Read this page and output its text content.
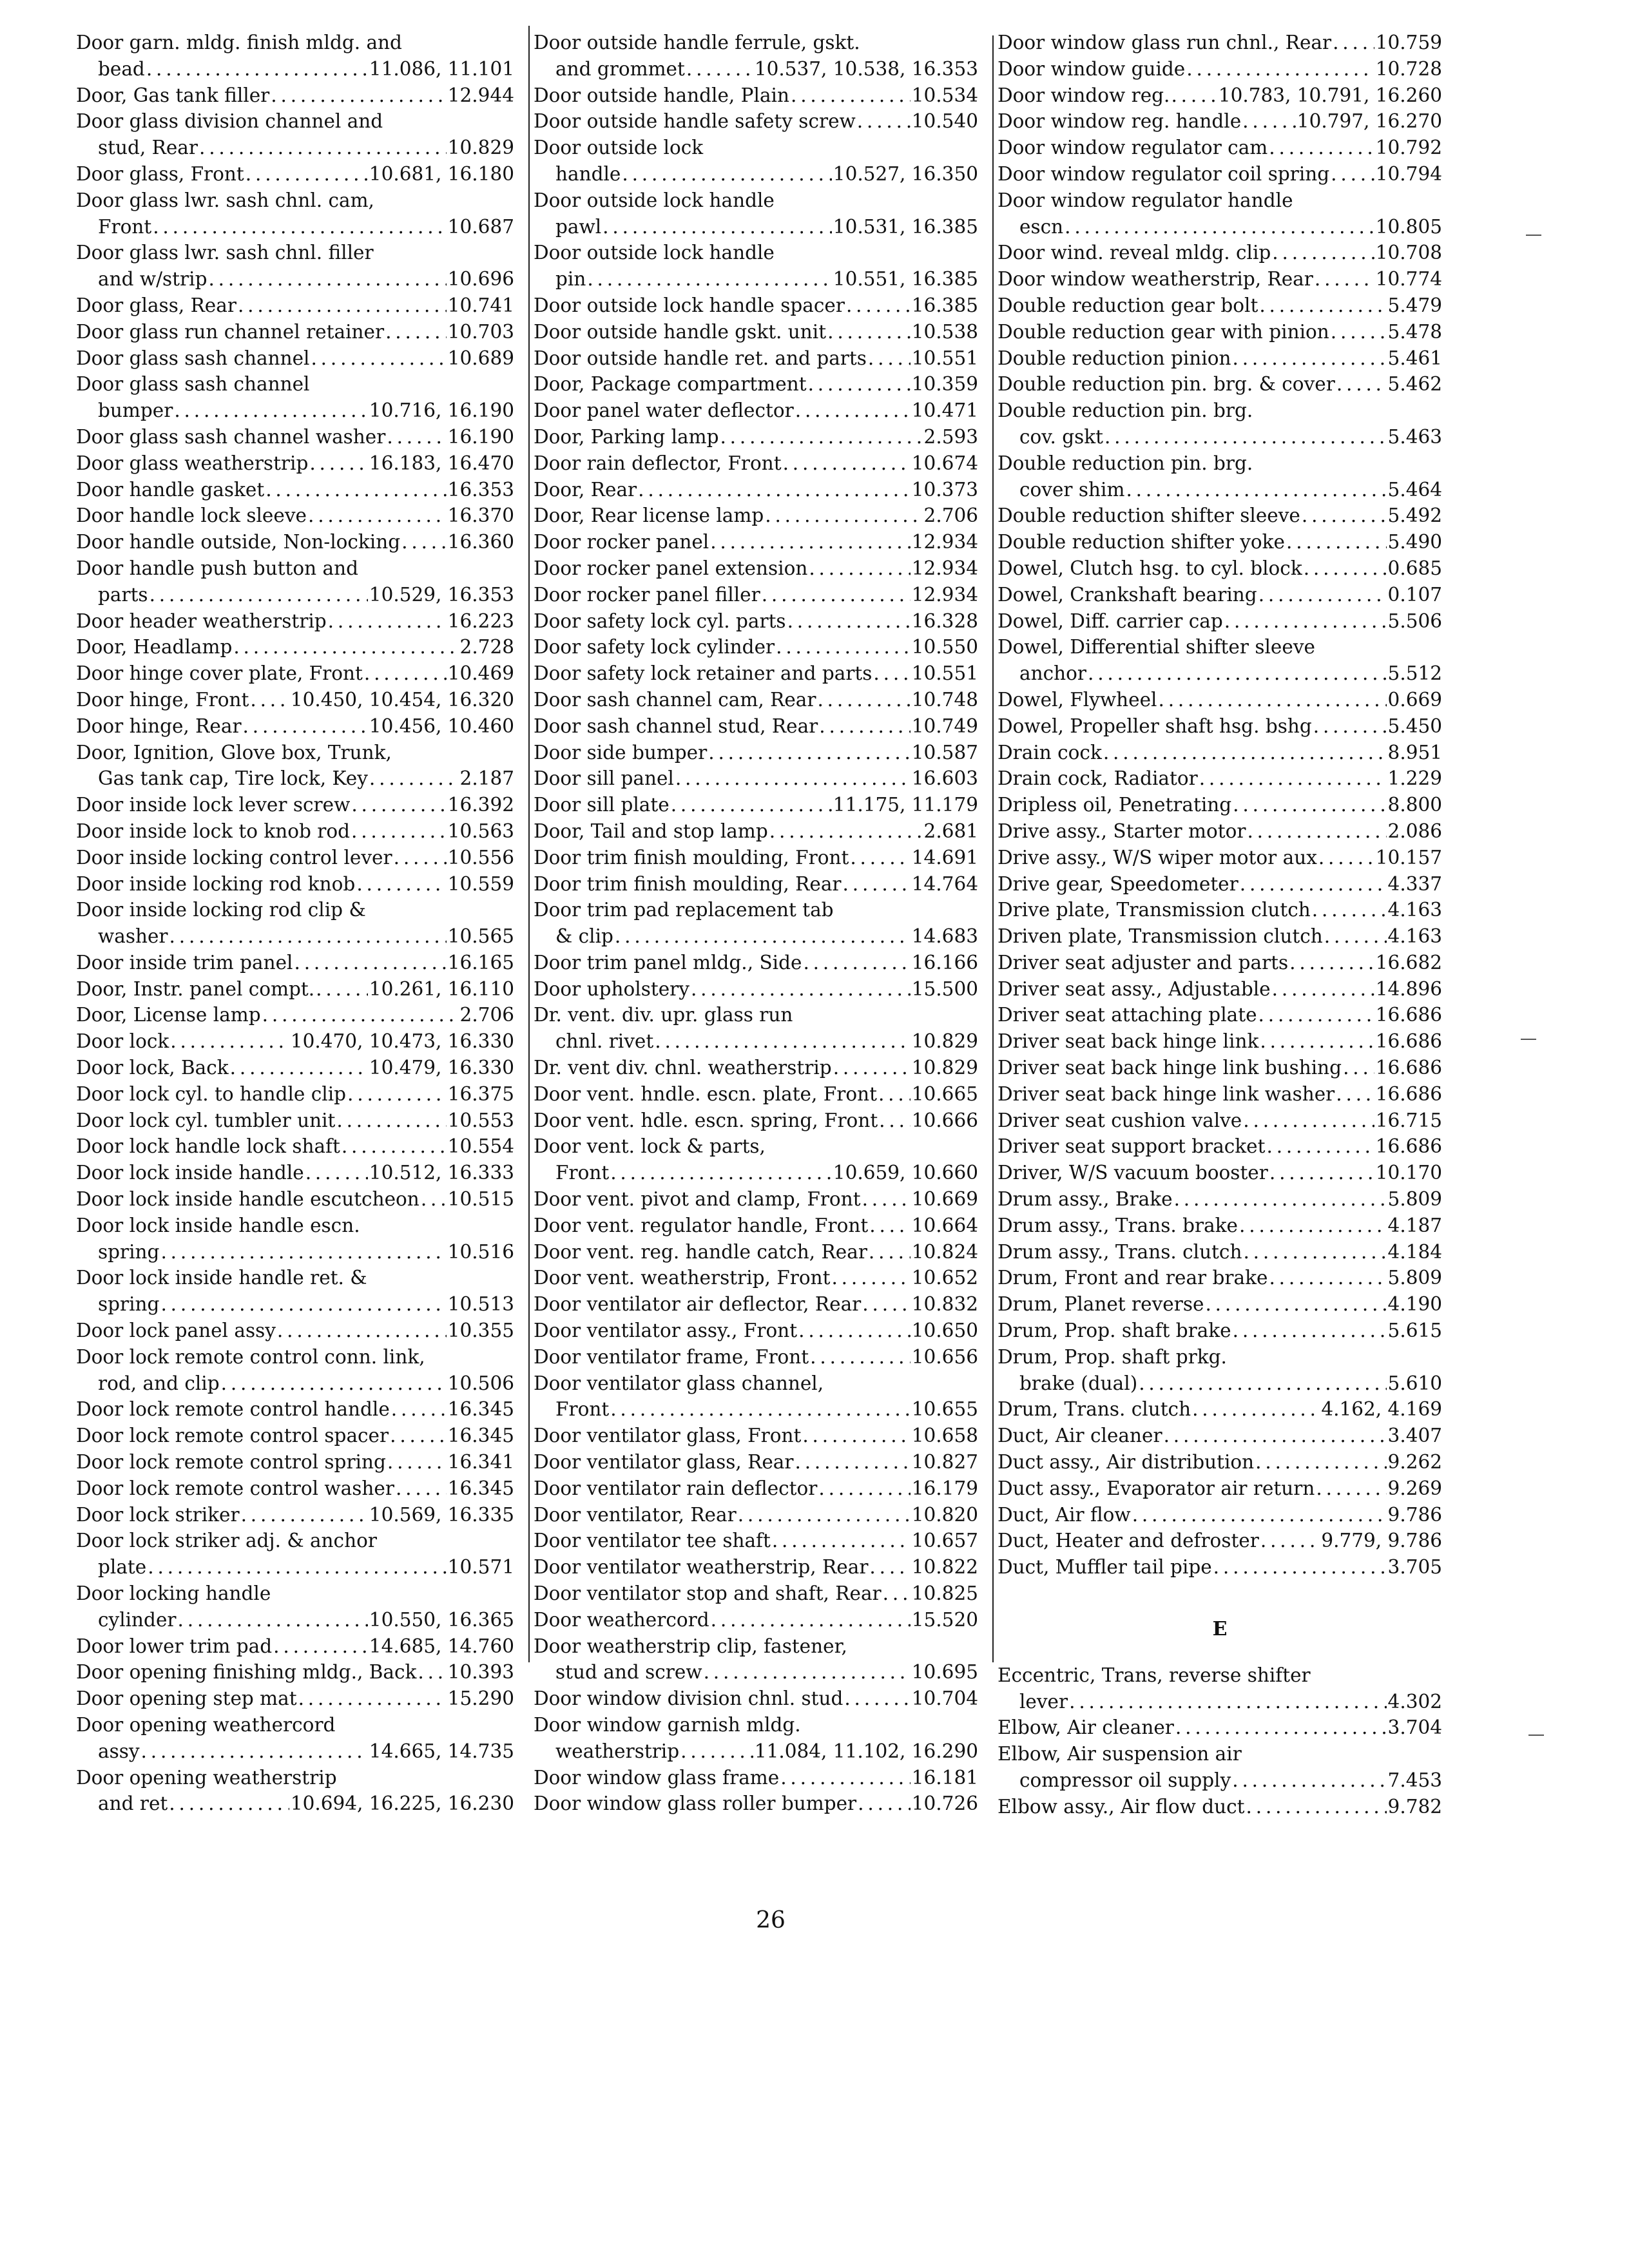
Door garn. mldg. finish mldg. and
bead . . .	11.086, 11.101
Door, Gas tank filler . . .	12.944
Door glass division channel and
stud, Rear . . .	10.829
Door glass, Front . . .	10.681, 16.180
Door glass lwr. sash chnl. cam,
Front . . .	10.687
Door glass lwr. sash chnl. filler
and w/strip . . .	10.696
Door glass, Rear . . .	10.741
Door glass run channel retainer . . .	10.703
Door glass sash channel . . .	10.689
Door glass sash channel
bumper . . .	10.716, 16.190
Door glass sash channel washer . . .	16.190
Door glass weatherstrip . . .	16.183, 16.470
Door handle gasket . . .	16.353
Door handle lock sleeve . . .	16.370
Door handle outside, Non-locking . . . 16.360
Door handle push button and
parts . . .	10.529, 16.353
Door header weatherstrip . . .	16.223
Door, Headlamp . . .	2.728
Door hinge cover plate, Front . . .	10.469
Door hinge, Front . . . 10.450, 10.454, 16.320
Door hinge, Rear . . .	10.456, 10.460
Door, Ignition, Glove box, Trunk,
Gas tank cap, Tire lock, Key . . .	2.187
Door inside lock lever screw . . .	16.392
Door inside lock to knob rod . . .	10.563
Door inside locking control lever . . .	10.556
Door inside locking rod knob . . .	10.559
Door inside locking rod clip &
washer . . .	10.565
Door inside trim panel . . .	16.165
Door, Instr. panel compt. . . .	10.261, 16.110
Door, License lamp . . .	2.706
Door lock . . .	10.470, 10.473, 16.330
Door lock, Back . . .	10.479, 16.330
Door lock cyl. to handle clip . . .	16.375
Door lock cyl. tumbler unit . . .	10.553
Door lock handle lock shaft . . .	10.554
Door lock inside handle . . .	10.512, 16.333
Door lock inside handle escutcheon . . . 10.515
Door lock inside handle escn.
spring . . .	10.516
Door lock inside handle ret. &
spring . . .	10.513
Door lock panel assy . . .	10.355
Door lock remote control conn. link,
rod, and clip . . .	10.506
Door lock remote control handle . . .	16.345
Door lock remote control spacer . . .	16.345
Door lock remote control spring . . .	16.341
Door lock remote control washer . . .	16.345
Door lock striker . . .	10.569, 16.335
Door lock striker adj. & anchor
plate . . .	10.571
Door locking handle
cylinder . . .	10.550, 16.365
Door lower trim pad . . .	14.685, 14.760
Door opening finishing mldg., Back . . . 10.393
Door opening step mat . . .	15.290
Door opening weathercord
assy . . .	14.665, 14.735
Door opening weatherstrip
and ret . . .	10.694, 16.225, 16.230
Door outside handle ferrule, gskt.
and grommet . . .	10.537, 10.538, 16.353
Door outside handle, Plain . . .	10.534
Door outside handle safety screw . . .	10.540
Door outside lock
handle . . .	10.527, 16.350
Door outside lock handle
pawl . . .	10.531, 16.385
Door outside lock handle
pin . . .	10.551, 16.385
Door outside lock handle spacer . . .	16.385
Door outside handle gskt. unit . . .	10.538
Door outside handle ret. and parts . . . 10.551
Door, Package compartment . . .	10.359
Door panel water deflector . . .	10.471
Door, Parking lamp . . .	2.593
Door rain deflector, Front . . .	10.674
Door, Rear . . .	10.373
Door, Rear license lamp . . .	2.706
Door rocker panel . . .	12.934
Door rocker panel extension . . .	12.934
Door rocker panel filler . . .	12.934
Door safety lock cyl. parts . . .	16.328
Door safety lock cylinder . . .	10.550
Door safety lock retainer and parts . . . 10.551
Door sash channel cam, Rear . . .	10.748
Door sash channel stud, Rear . . .	10.749
Door side bumper . . .	10.587
Door sill panel . . .	16.603
Door sill plate . . .	11.175, 11.179
Door, Tail and stop lamp . . .	2.681
Door trim finish moulding, Front . . .	14.691
Door trim finish moulding, Rear . . .	14.764
Door trim pad replacement tab
& clip . . .	14.683
Door trim panel mldg., Side . . .	16.166
Door upholstery . . .	15.500
Dr. vent. div. upr. glass run
chnl. rivet . . .	10.829
Dr. vent div. chnl. weatherstrip . . .	10.829
Door vent. hndle. escn. plate, Front . . . 10.665
Door vent. hdle. escn. spring, Front . . . 10.666
Door vent. lock & parts,
Front . . .	10.659, 10.660
Door vent. pivot and clamp, Front . . .	10.669
Door vent. regulator handle, Front . . . 10.664
Door vent. reg. handle catch, Rear . . . 10.824
Door vent. weatherstrip, Front . . .	10.652
Door ventilator air deflector, Rear . . .	10.832
Door ventilator assy., Front . . .	10.650
Door ventilator frame, Front . . .	10.656
Door ventilator glass channel,
Front . . .	10.655
Door ventilator glass, Front . . .	10.658
Door ventilator glass, Rear . . .	10.827
Door ventilator rain deflector . . .	16.179
Door ventilator, Rear . . .	10.820
Door ventilator tee shaft . . .	10.657
Door ventilator weatherstrip, Rear . . . 10.822
Door ventilator stop and shaft, Rear . . . 10.825
Door weathercord . . .	15.520
Door weatherstrip clip, fastener,
stud and screw . . .	10.695
Door window division chnl. stud . . .	10.704
Door window garnish mldg.
weatherstrip . . .	11.084, 11.102, 16.290
Door window glass frame . . .	16.181
Door window glass roller bumper . . .	10.726
Door window glass run chnl., Rear . . . 10.759
Door window guide . . .	10.728
Door window reg. . . .	10.783, 10.791, 16.260
Door window reg. handle . . .	10.797, 16.270
Door window regulator cam . . .	10.792
Door window regulator coil spring . . . 10.794
Door window regulator handle
escn . . .	10.805
Door wind. reveal mldg. clip . . .	10.708
Door window weatherstrip, Rear . . .	10.774
Double reduction gear bolt . . .	5.479
Double reduction gear with pinion . . .	5.478
Double reduction pinion . . .	5.461
Double reduction pin. brg. & cover . . .	5.462
Double reduction pin. brg.
cov. gskt . . .	5.463
Double reduction pin. brg.
cover shim . . .	5.464
Double reduction shifter sleeve . . .	5.492
Double reduction shifter yoke . . .	5.490
Dowel, Clutch hsg. to cyl. block . . .	0.685
Dowel, Crankshaft bearing . . .	0.107
Dowel, Diff. carrier cap . . .	5.506
Dowel, Differential shifter sleeve
anchor . . .	5.512
Dowel, Flywheel . . .	0.669
Dowel, Propeller shaft hsg. bshg . . .	5.450
Drain cock . . .	8.951
Drain cock, Radiator . . .	1.229
Dripless oil, Penetrating . . .	8.800
Drive assy., Starter motor . . .	2.086
Drive assy., W/S wiper motor aux . . .	10.157
Drive gear, Speedometer . . .	4.337
Drive plate, Transmission clutch . . .	4.163
Driven plate, Transmission clutch . . .	4.163
Driver seat adjuster and parts . . .	16.682
Driver seat assy., Adjustable . . .	14.896
Driver seat attaching plate . . .	16.686
Driver seat back hinge link . . .	16.686
Driver seat back hinge link bushing . . . 16.686
Driver seat back hinge link washer . . . 16.686
Driver seat cushion valve . . .	16.715
Driver seat support bracket . . .	16.686
Driver, W/S vacuum booster . . .	10.170
Drum assy., Brake . . .	5.809
Drum assy., Trans. brake . . .	4.187
Drum assy., Trans. clutch . . .	4.184
Drum, Front and rear brake . . .	5.809
Drum, Planet reverse . . .	4.190
Drum, Prop. shaft brake . . .	5.615
Drum, Prop. shaft prkg.
brake (dual) . . .	5.610
Drum, Trans. clutch . . .	4.162, 4.169
Duct, Air cleaner . . .	3.407
Duct assy., Air distribution . . .	9.262
Duct assy., Evaporator air return . . .	9.269
Duct, Air flow . . .	9.786
Duct, Heater and defroster . . .	9.779, 9.786
Duct, Muffler tail pipe . . .	3.705
E
Eccentric, Trans, reverse shifter
lever . . .	4.302
Elbow, Air cleaner . . .	3.704
Elbow, Air suspension air
compressor oil supply . . .	7.453
Elbow assy., Air flow duct . . .	9.782
26
